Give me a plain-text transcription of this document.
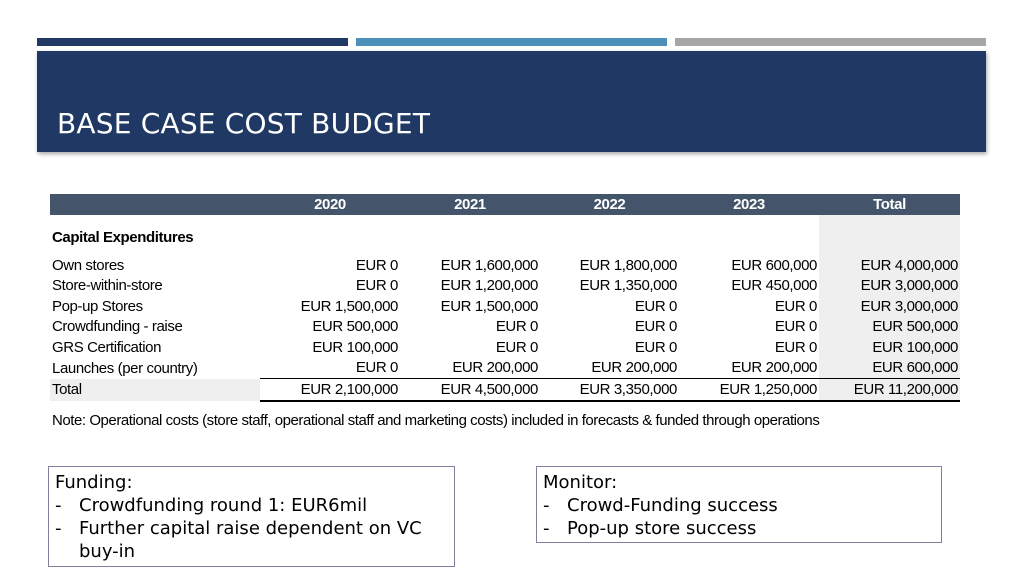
BASE CASE COST BUDGET
	2020	2021	2022	2023	Total
Capital Expenditures					
Own stores	EUR 0	EUR 1,600,000	EUR 1,800,000	EUR 600,000	EUR 4,000,000
Store-within-store	EUR 0	EUR 1,200,000	EUR 1,350,000	EUR 450,000	EUR 3,000,000
Pop-up Stores	EUR 1,500,000	EUR 1,500,000	EUR 0	EUR 0	EUR 3,000,000
Crowdfunding - raise	EUR 500,000	EUR 0	EUR 0	EUR 0	EUR 500,000
GRS Certification	EUR 100,000	EUR 0	EUR 0	EUR 0	EUR 100,000
Launches (per country)	EUR 0	EUR 200,000	EUR 200,000	EUR 200,000	EUR 600,000
Total	EUR 2,100,000	EUR 4,500,000	EUR 3,350,000	EUR 1,250,000	EUR 11,200,000
Note: Operational costs (store staff, operational staff and marketing costs) included in forecasts & funded through operations
Funding:
- Crowdfunding round 1: EUR6mil
- Further capital raise dependent on VC buy-in
Monitor:
- Crowd-Funding success
- Pop-up store success
